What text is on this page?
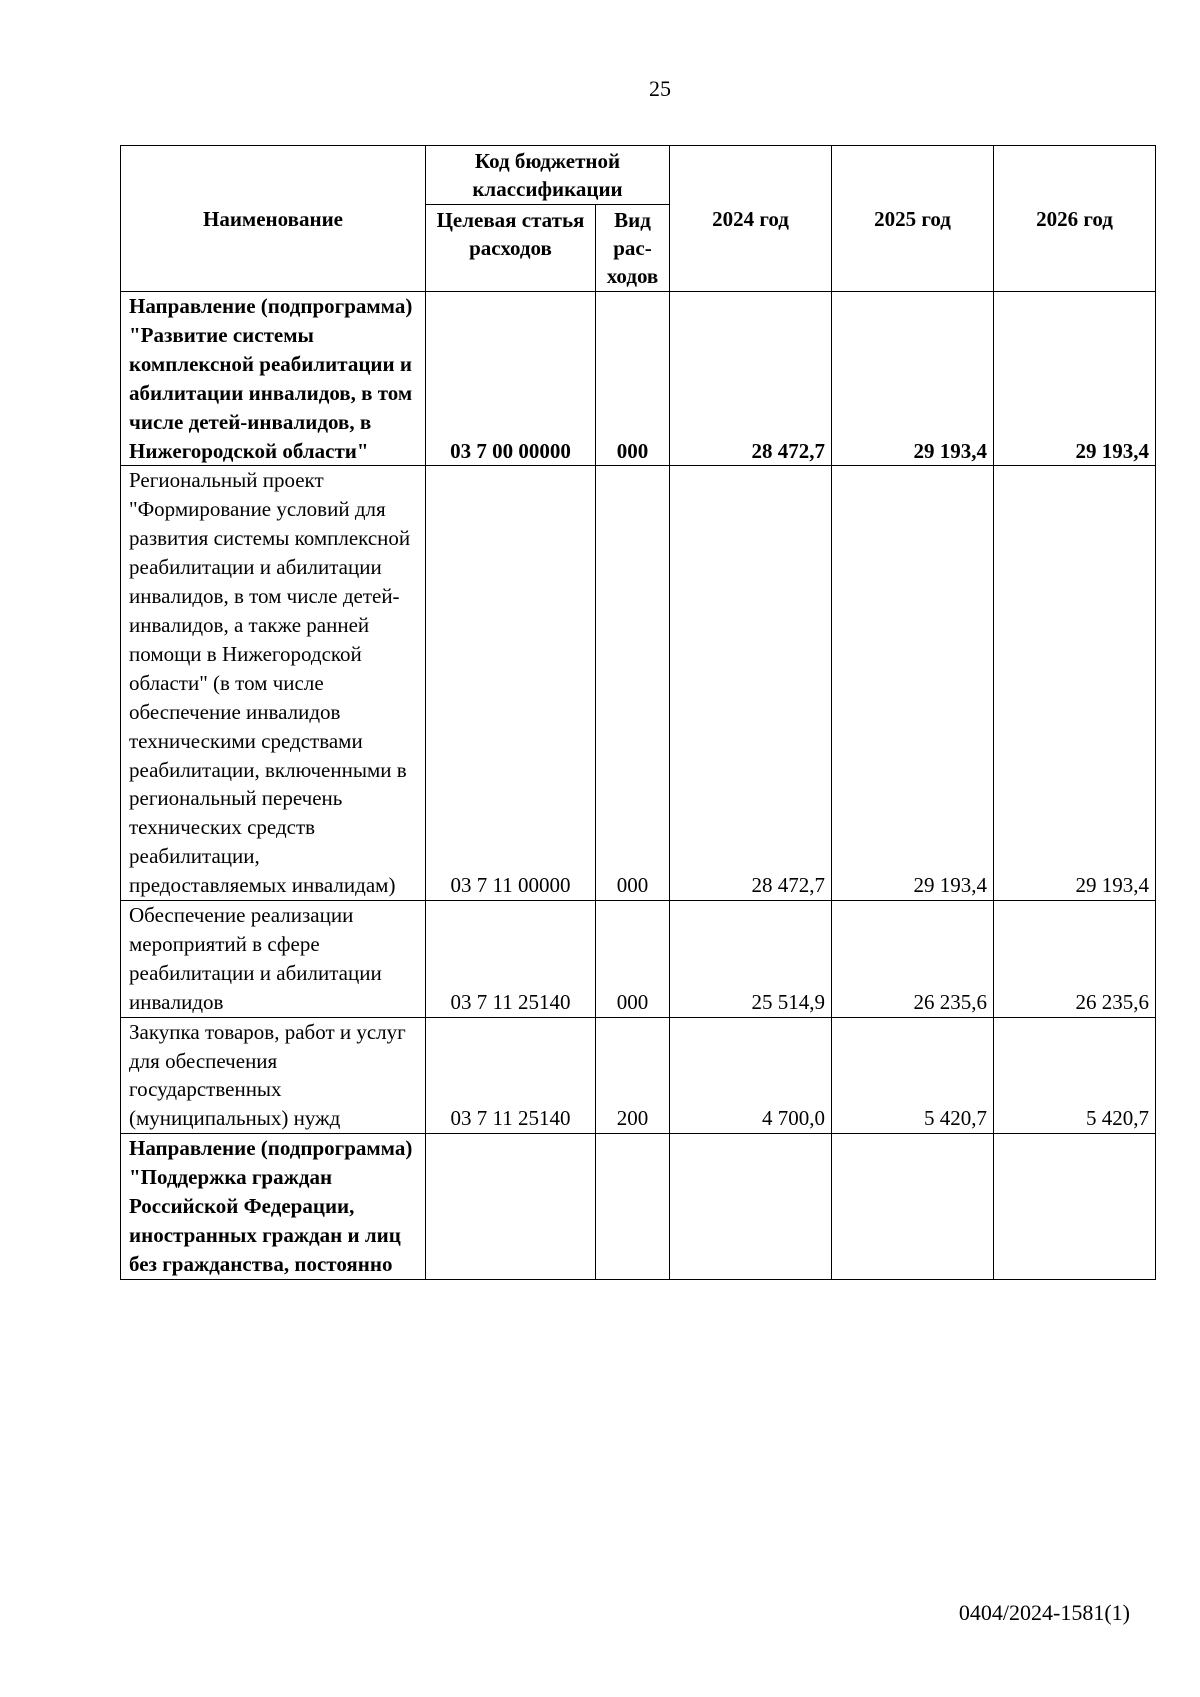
25
Наименование	Код бюджетной классификации		2024 год	2025 год	2026 год
	Целевая статья расходов	Вид рас- ходов			
Направление (подпрограмма) "Развитие системы комплексной реабилитации и абилитации инвалидов, в том числе детей-инвалидов, в Нижегородской области"	03 7 00 00000	000	28 472,7	29 193,4	29 193,4
Региональный проект "Формирование условий для развития системы комплексной реабилитации и абилитации инвалидов, в том числе детей-инвалидов, а также ранней помощи в Нижегородской области" (в том числе обеспечение инвалидов техническими средствами реабилитации, включенными в региональный перечень технических средств реабилитации, предоставляемых инвалидам)	03 7 11 00000	000	28 472,7	29 193,4	29 193,4
Обеспечение реализации мероприятий в сфере реабилитации и абилитации инвалидов	03 7 11 25140	000	25 514,9	26 235,6	26 235,6
Закупка товаров, работ и услуг для обеспечения государственных (муниципальных) нужд	03 7 11 25140	200	4 700,0	5 420,7	5 420,7
Направление (подпрограмма) "Поддержка граждан Российской Федерации, иностранных граждан и лиц без гражданства, постоянно					
0404/2024-1581(1)
